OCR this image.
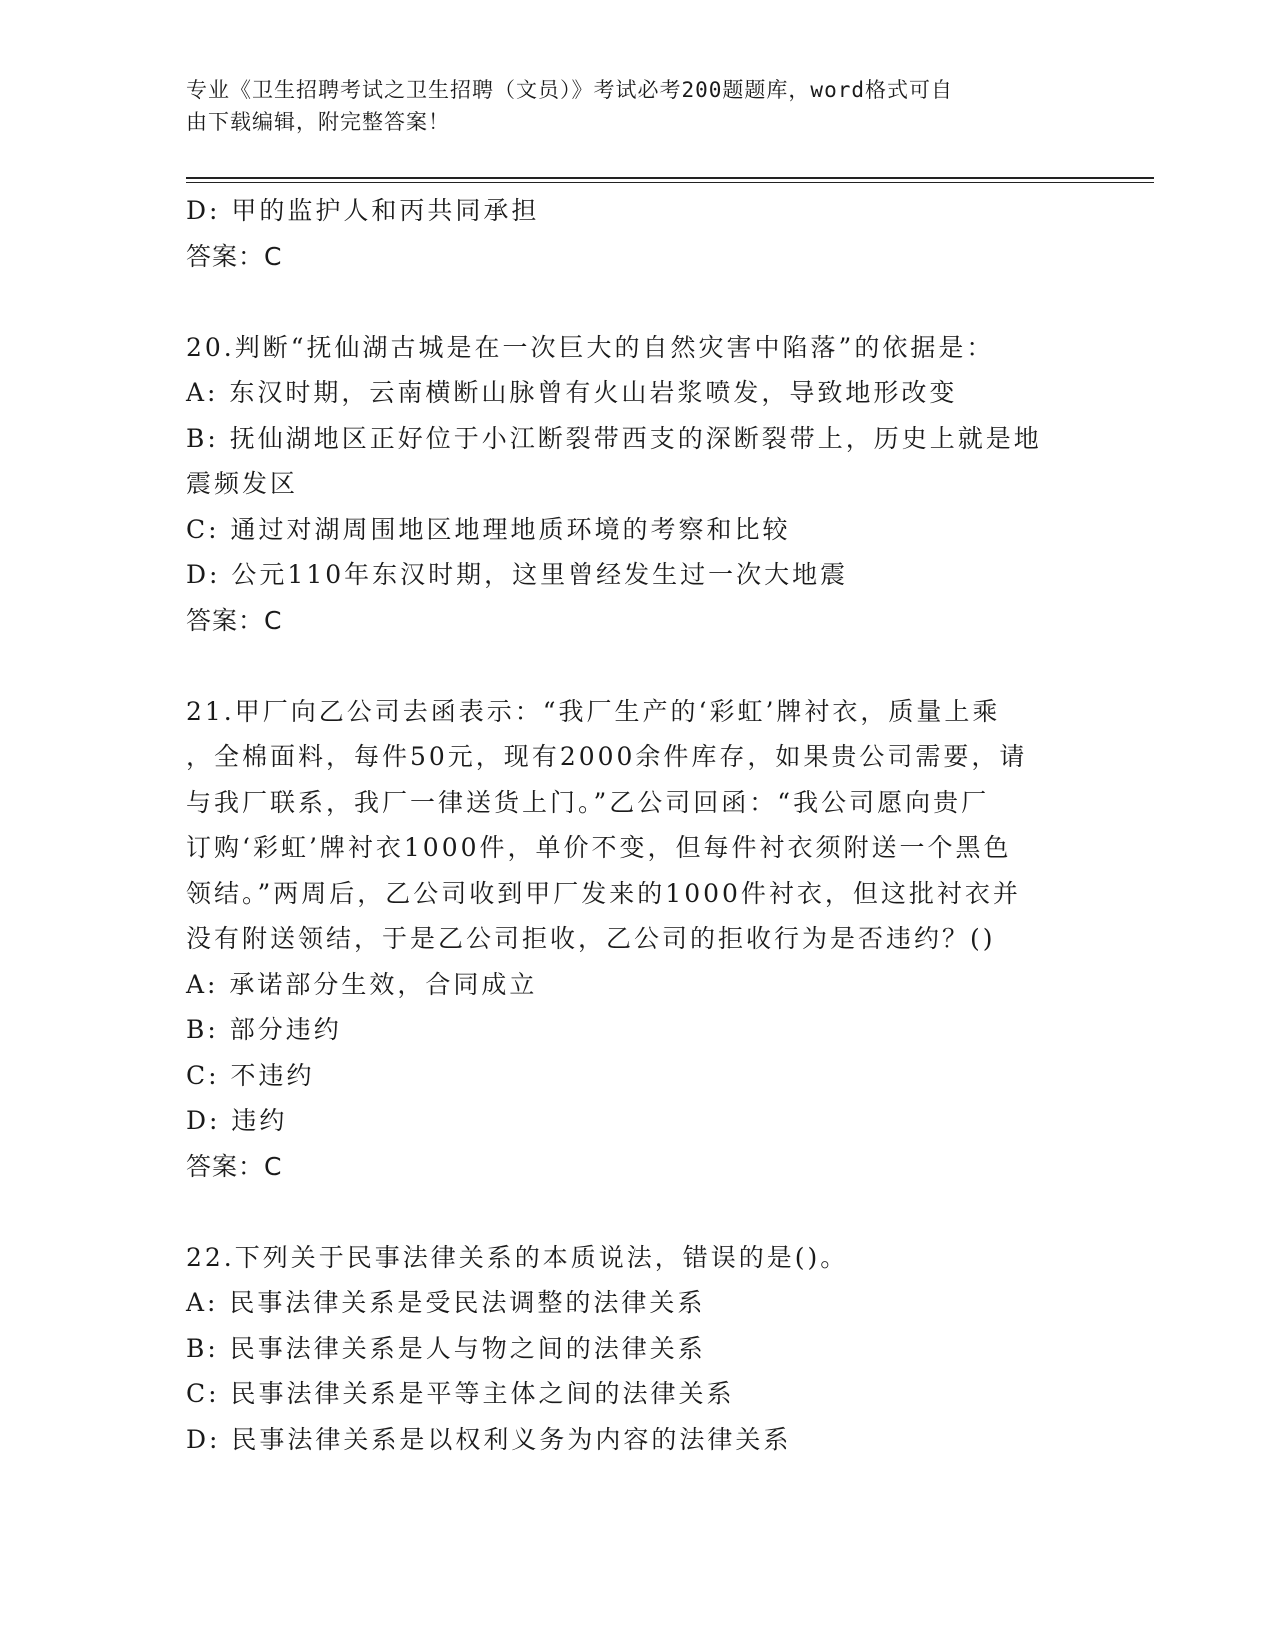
专业《卫生招聘考试之卫生招聘（文员）》考试必考200题题库，word格式可自
由下载编辑，附完整答案！
D: 甲的监护人和丙共同承担
答案：C
20.判断“抚仙湖古城是在一次巨大的自然灾害中陷落”的依据是：
A: 东汉时期，云南横断山脉曾有火山岩浆喷发，导致地形改变
B: 抚仙湖地区正好位于小江断裂带西支的深断裂带上，历史上就是地
震频发区
C: 通过对湖周围地区地理地质环境的考察和比较
D: 公元110年东汉时期，这里曾经发生过一次大地震
答案：C
21.甲厂向乙公司去函表示：“我厂生产的‘彩虹’牌衬衣，质量上乘
，全棉面料，每件50元，现有2000余件库存，如果贵公司需要，请
与我厂联系，我厂一律送货上门。”乙公司回函：“我公司愿向贵厂
订购‘彩虹’牌衬衣1000件，单价不变，但每件衬衣须附送一个黑色
领结。”两周后，乙公司收到甲厂发来的1000件衬衣，但这批衬衣并
没有附送领结，于是乙公司拒收，乙公司的拒收行为是否违约？()
A: 承诺部分生效，合同成立
B: 部分违约
C: 不违约
D: 违约
答案：C
22.下列关于民事法律关系的本质说法，错误的是()。
A: 民事法律关系是受民法调整的法律关系
B: 民事法律关系是人与物之间的法律关系
C: 民事法律关系是平等主体之间的法律关系
D: 民事法律关系是以权利义务为内容的法律关系
